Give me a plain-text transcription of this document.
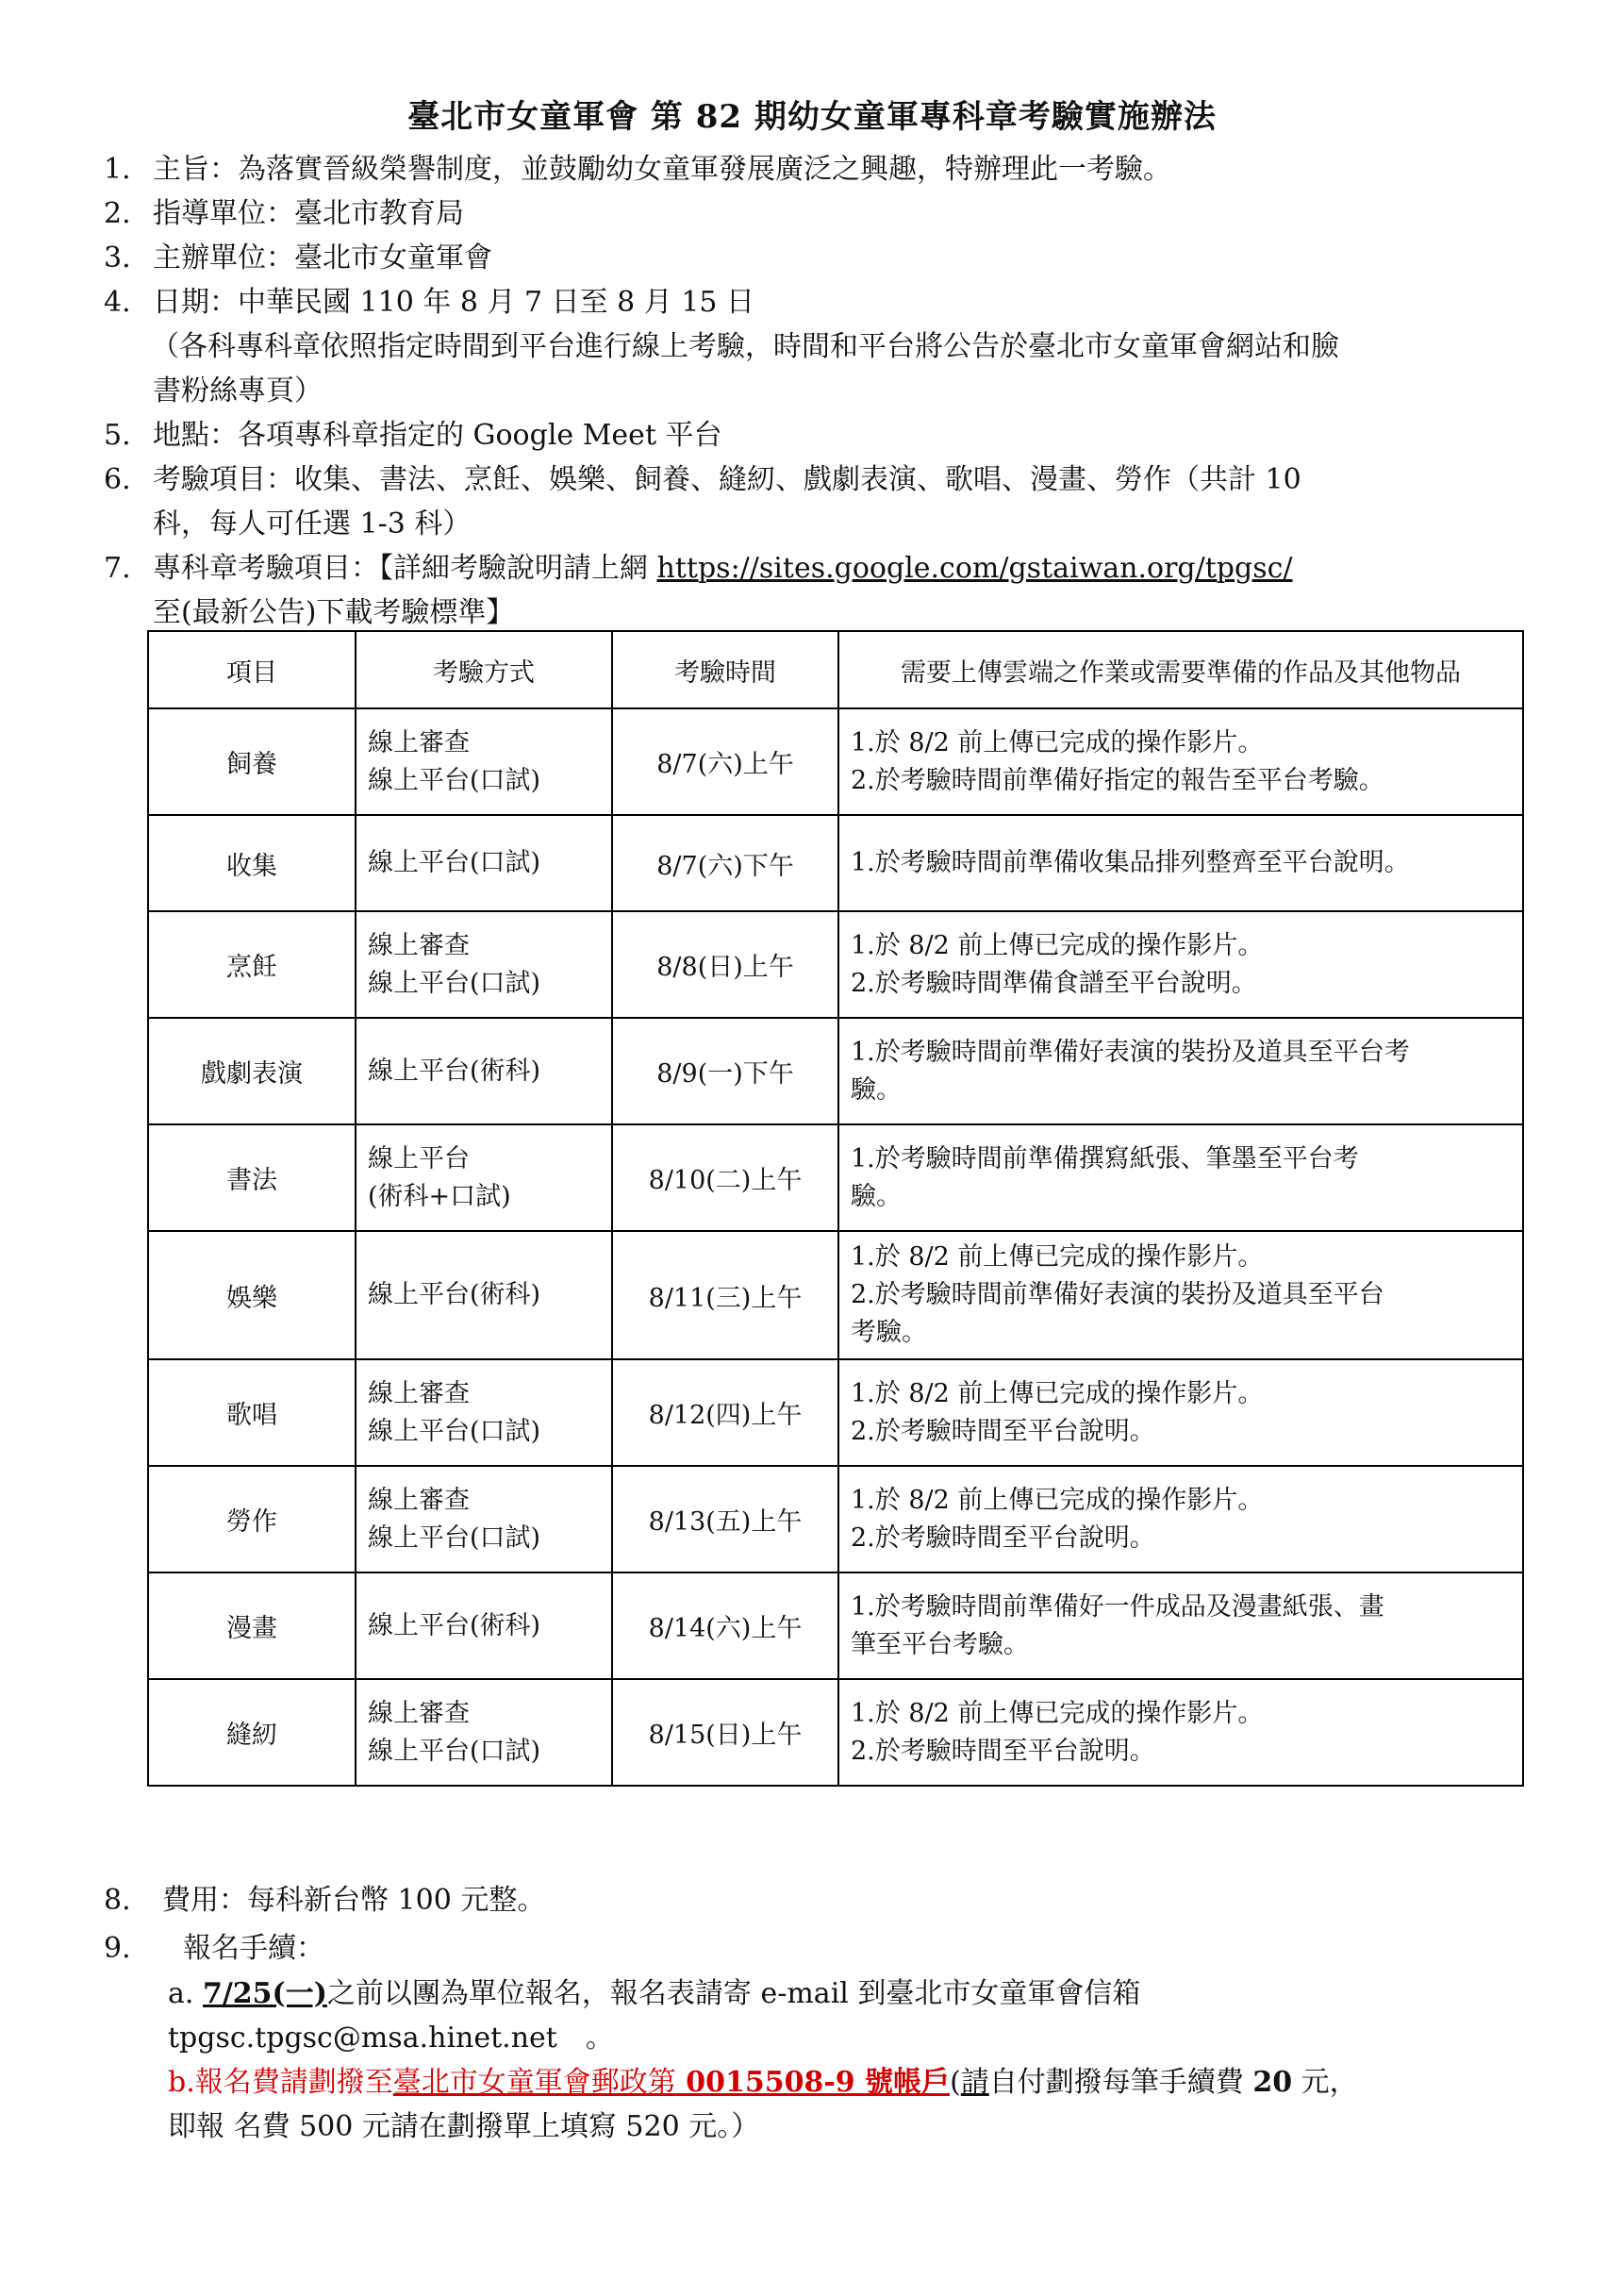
臺北市女童軍會 第 82 期幼女童軍專科章考驗實施辦法
1. 主旨：為落實晉級榮譽制度，並鼓勵幼女童軍發展廣泛之興趣，特辦理此一考驗。
2. 指導單位：臺北市教育局
3. 主辦單位：臺北市女童軍會
4. 日期：中華民國 110 年 8 月 7 日至 8 月 15 日
（各科專科章依照指定時間到平台進行線上考驗，時間和平台將公告於臺北市女童軍會網站和臉
書粉絲專頁）
5. 地點：各項專科章指定的 Google Meet 平台
6. 考驗項目：收集、書法、烹飪、娛樂、飼養、縫紉、戲劇表演、歌唱、漫畫、勞作（共計 10
科，每人可任選 1-3 科）
7. 專科章考驗項目：【詳細考驗說明請上網 https://sites.google.com/gstaiwan.org/tpgsc/
至(最新公告)下載考驗標準】
項目	考驗方式	考驗時間	需要上傳雲端之作業或需要準備的作品及其他物品
飼養	線上審查
線上平台(口試)	8/7(六)上午	1.於 8/2 前上傳已完成的操作影片。
2.於考驗時間前準備好指定的報告至平台考驗。

收集	線上平台(口試)	8/7(六)下午	1.於考驗時間前準備收集品排列整齊至平台說明。

烹飪	線上審查
線上平台(口試)	8/8(日)上午	1.於 8/2 前上傳已完成的操作影片。
2.於考驗時間準備食譜至平台說明。

戲劇表演	線上平台(術科)	8/9(一)下午	1.於考驗時間前準備好表演的裝扮及道具至平台考
驗。

書法	線上平台
(術科+口試)	8/10(二)上午	1.於考驗時間前準備撰寫紙張、筆墨至平台考
驗。

娛樂	線上平台(術科)	8/11(三)上午	1.於 8/2 前上傳已完成的操作影片。
2.於考驗時間前準備好表演的裝扮及道具至平台
考驗。

歌唱	線上審查
線上平台(口試)	8/12(四)上午	1.於 8/2 前上傳已完成的操作影片。
2.於考驗時間至平台說明。

勞作	線上審查
線上平台(口試)	8/13(五)上午	1.於 8/2 前上傳已完成的操作影片。
2.於考驗時間至平台說明。

漫畫	線上平台(術科)	8/14(六)上午	1.於考驗時間前準備好一件成品及漫畫紙張、畫
筆至平台考驗。

縫紉	線上審查
線上平台(口試)	8/15(日)上午	1.於 8/2 前上傳已完成的操作影片。
2.於考驗時間至平台說明。
8.	費用：每科新台幣 100 元整。
9.	報名手續：
a. 7/25(一)之前以團為單位報名，報名表請寄 e-mail 到臺北市女童軍會信箱
tpgsc.tpgsc@msa.hinet.net　。
b.報名費請劃撥至臺北市女童軍會郵政第 0015508-9 號帳戶(請自付劃撥每筆手續費 20 元，
即報 名費 500 元請在劃撥單上填寫 520 元。）
